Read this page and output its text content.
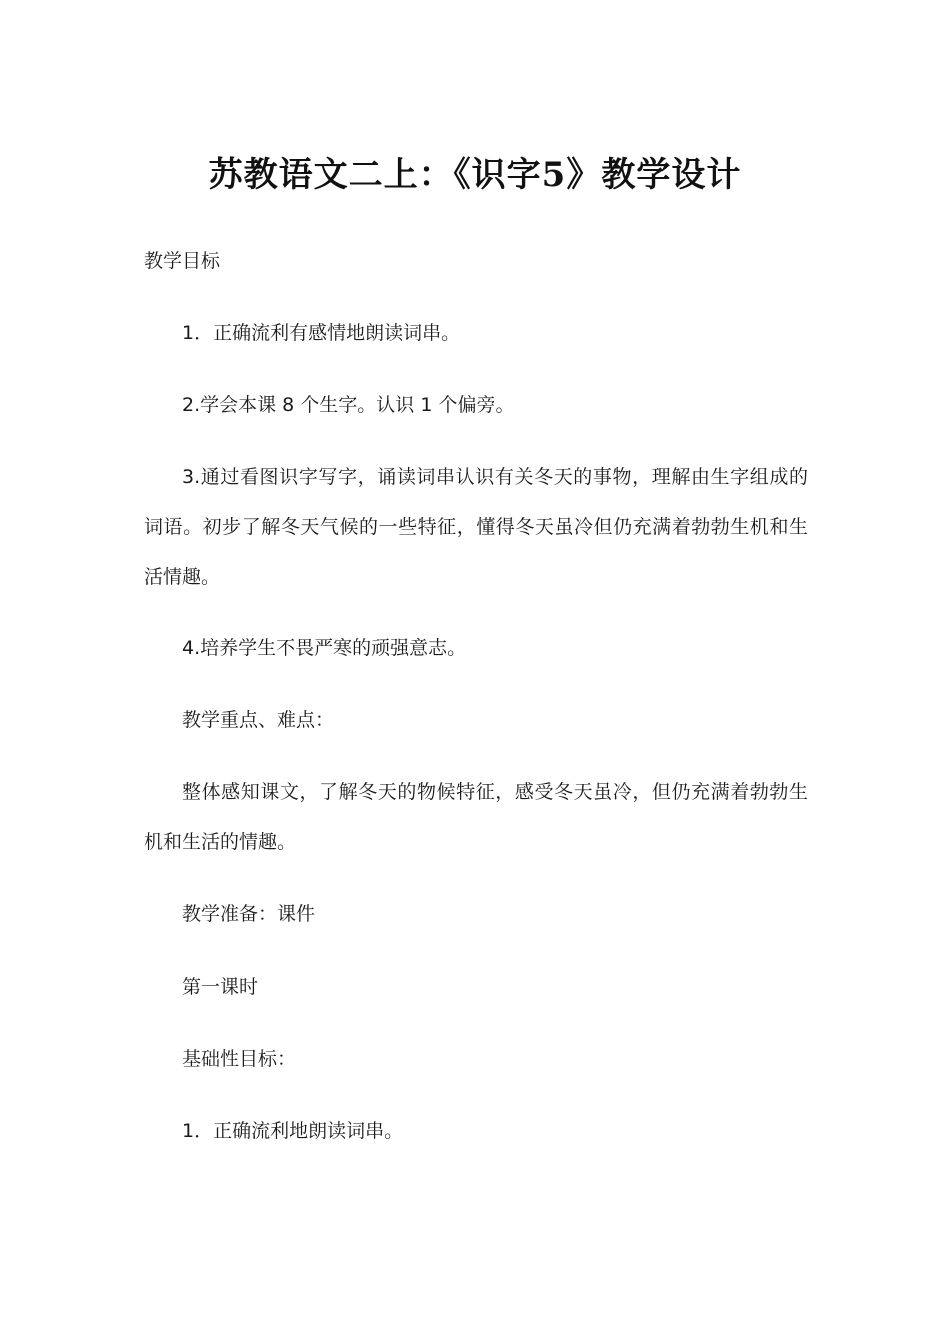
苏教语文二上：《识字5》教学设计

教学目标

1．正确流利有感情地朗读词串。

2.学会本课 8 个生字。认识 1 个偏旁。

3.通过看图识字写字，诵读词串认识有关冬天的事物，理解由生字组成的词语。初步了解冬天气候的一些特征，懂得冬天虽冷但仍充满着勃勃生机和生活情趣。

4.培养学生不畏严寒的顽强意志。

教学重点、难点：

整体感知课文，了解冬天的物候特征，感受冬天虽冷，但仍充满着勃勃生机和生活的情趣。

教学准备：课件

第一课时

基础性目标：

1．正确流利地朗读词串。
